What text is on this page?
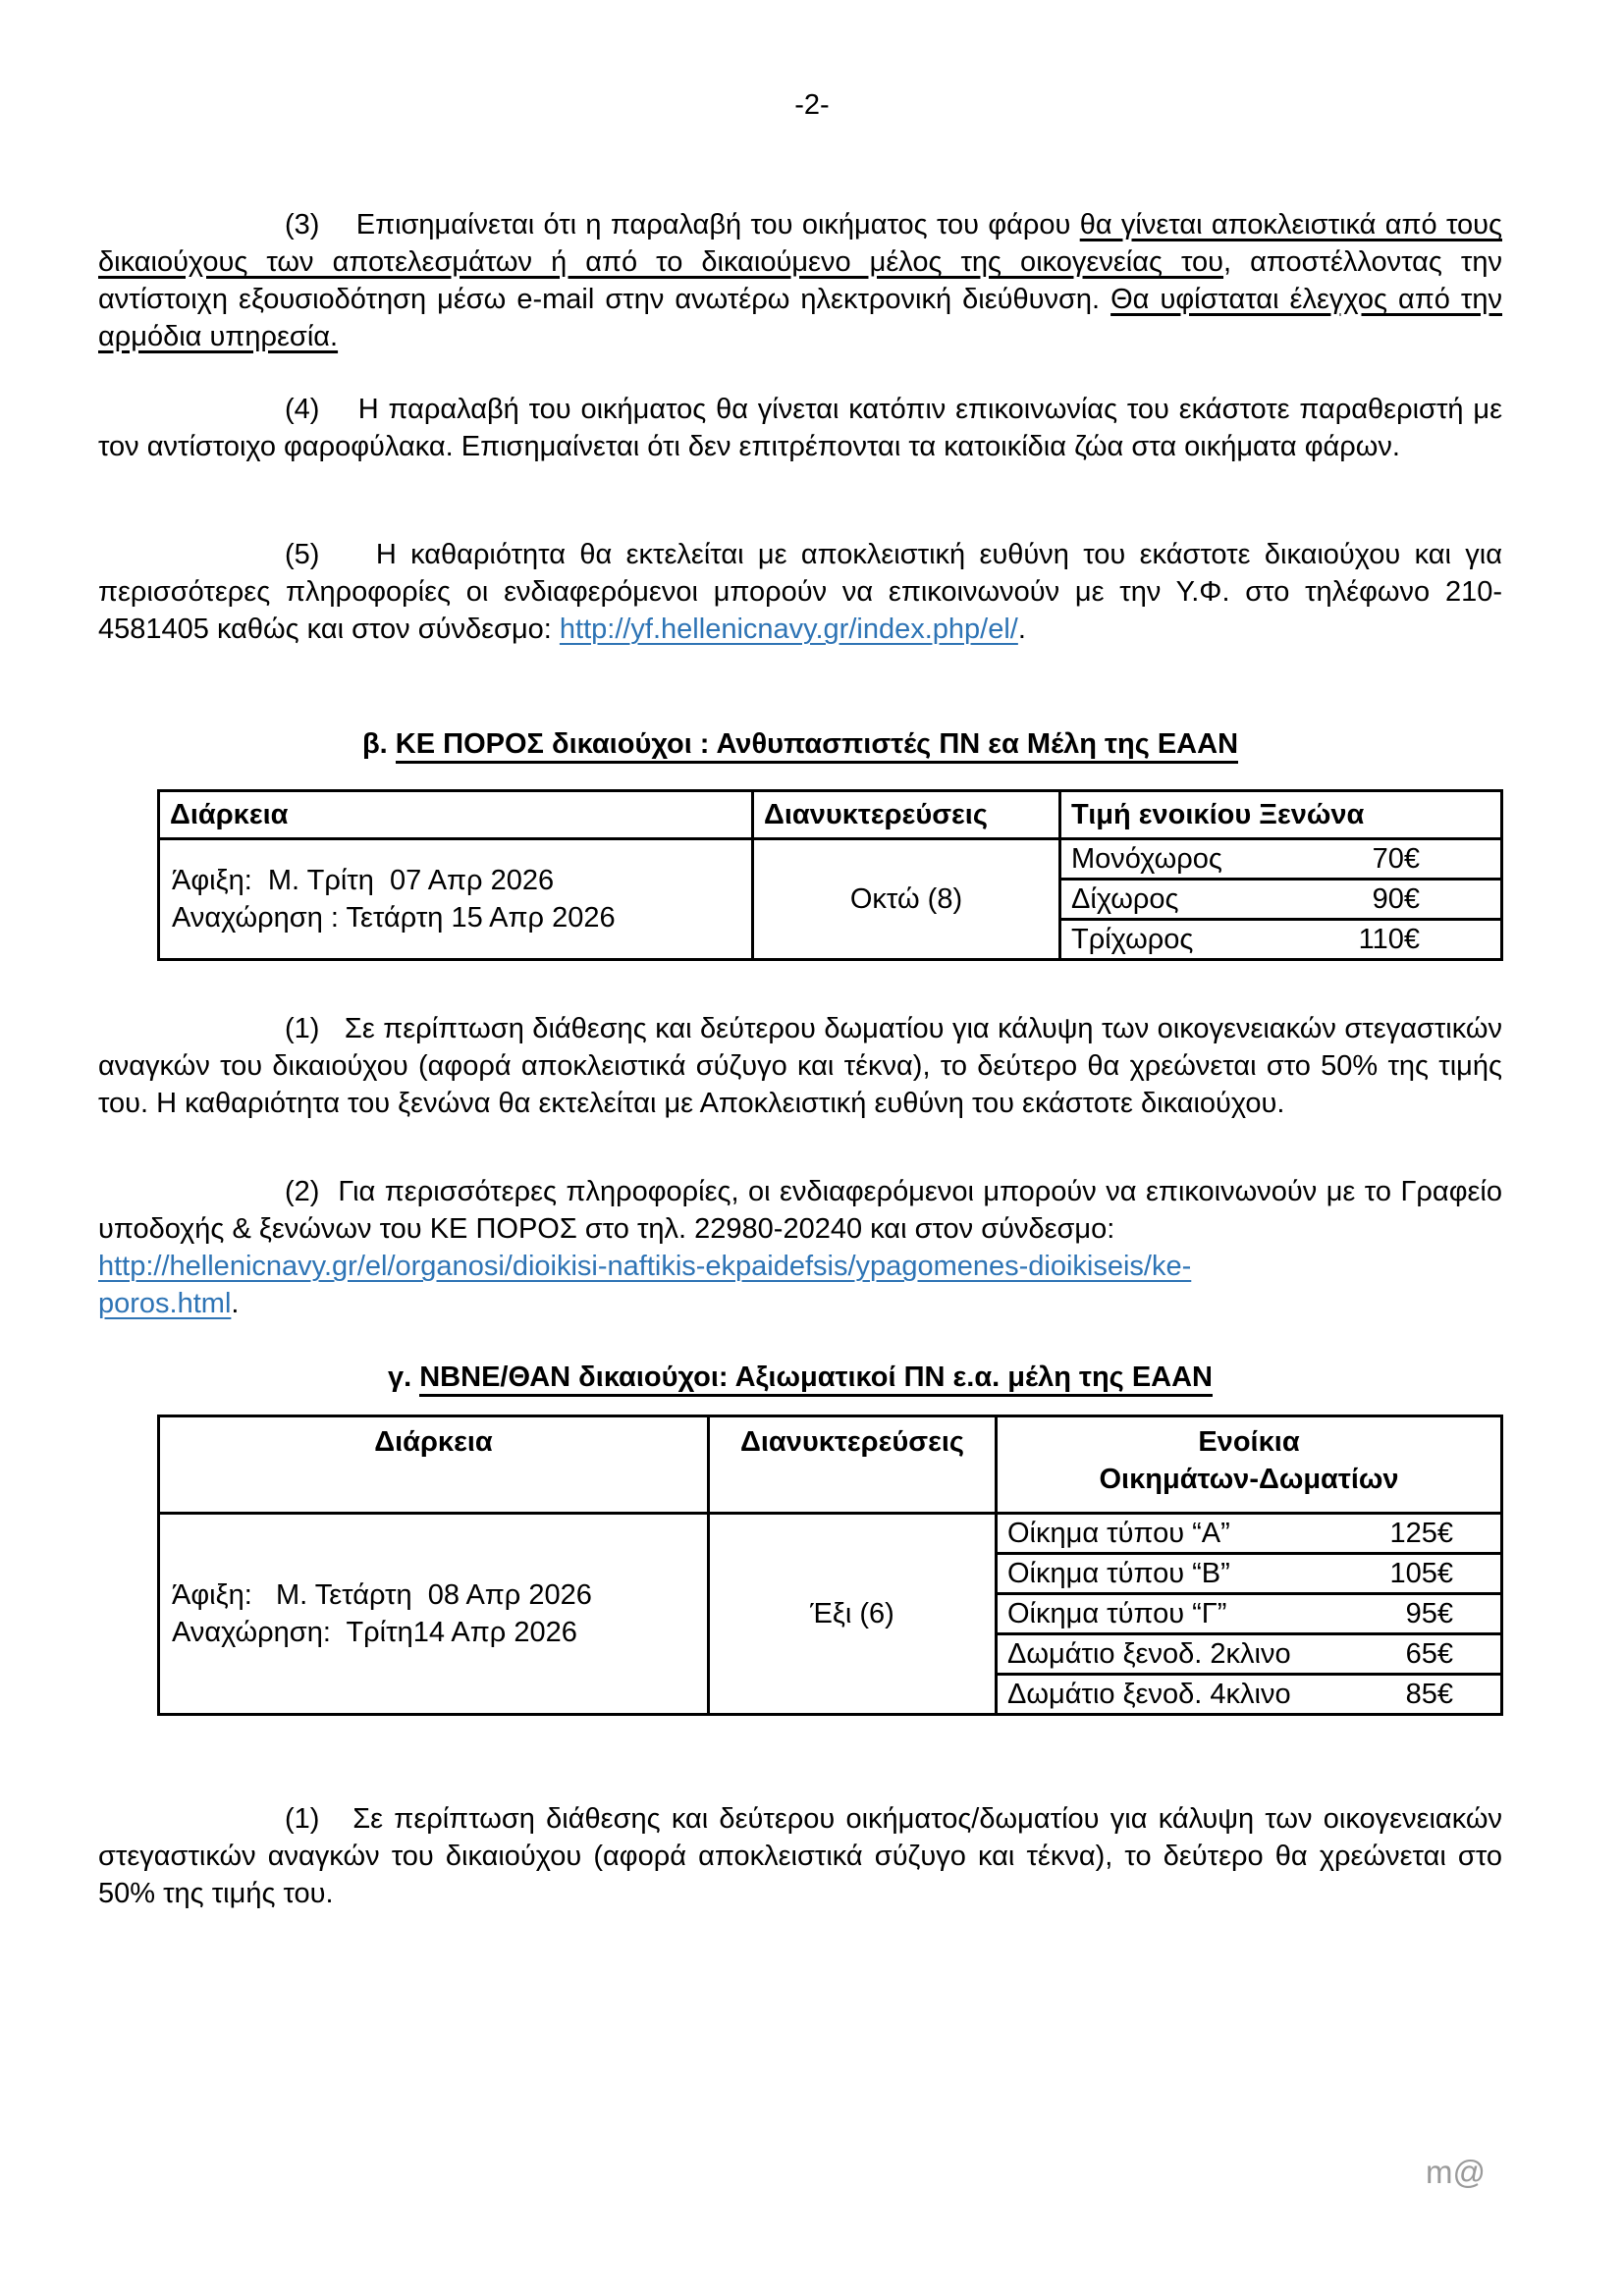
-2-

(3)    Επισημαίνεται ότι η παραλαβή του οικήματος του φάρου θα γίνεται αποκλειστικά από τους δικαιούχους των αποτελεσμάτων ή από το δικαιούμενο μέλος της οικογενείας του, αποστέλλοντας την αντίστοιχη εξουσιοδότηση μέσω e-mail στην ανωτέρω ηλεκτρονική διεύθυνση. Θα υφίσταται έλεγχος από την αρμόδια υπηρεσία.

(4)    Η παραλαβή του οικήματος θα γίνεται κατόπιν επικοινωνίας του εκάστοτε παραθεριστή με τον αντίστοιχο φαροφύλακα. Επισημαίνεται ότι δεν επιτρέπονται τα κατοικίδια ζώα στα οικήματα φάρων.

(5)    Η καθαριότητα θα εκτελείται με αποκλειστική ευθύνη του εκάστοτε δικαιούχου και για περισσότερες πληροφορίες οι ενδιαφερόμενοι μπορούν να επικοινωνούν με την Υ.Φ. στο τηλέφωνο 210-4581405 καθώς και στον σύνδεσμο: http://yf.hellenicnavy.gr/index.php/el/.

β. ΚΕ ΠΟΡΟΣ δικαιούχοι : Ανθυπασπιστές ΠΝ εα Μέλη της ΕΑΑΝ
Διάρκεια	Διανυκτερεύσεις	Τιμή ενοικίου Ξενώνα

Άφιξη:  Μ. Τρίτη  07 Απρ 2026
Αναχώρηση : Τετάρτη 15 Απρ 2026
	Οκτώ (8)	
Μονόχωρος	70€

		Δίχωρος 90€

		Τρίχωρος 110€

(1)   Σε περίπτωση διάθεσης και δεύτερου δωματίου για κάλυψη των οικογενειακών στεγαστικών αναγκών του δικαιούχου (αφορά αποκλειστικά σύζυγο και τέκνα), το δεύτερο θα χρεώνεται στο 50% της τιμής του. Η καθαριότητα του ξενώνα θα εκτελείται με Αποκλειστική ευθύνη του εκάστοτε δικαιούχου.

(2)  Για περισσότερες πληροφορίες, οι ενδιαφερόμενοι μπορούν να επικοινωνούν με το Γραφείο υποδοχής & ξενώνων του ΚΕ ΠΟΡΟΣ στο τηλ. 22980-20240 και στον σύνδεσμο:
http://hellenicnavy.gr/el/organosi/dioikisi-naftikis-ekpaidefsis/ypagomenes-dioikiseis/ke-
poros.html.

γ. ΝΒΝΕ/ΘΑΝ δικαιούχοι: Αξιωματικοί ΠΝ ε.α. μέλη της ΕΑΑΝ
Διάρκεια	Διανυκτερεύσεις	Ενοίκια
Οικημάτων-Δωματίων

Άφιξη:   Μ. Τετάρτη  08 Απρ 2026
Αναχώρηση:  Τρίτη14 Απρ 2026
	Έξι (6)	
Οίκημα τύπου “Α”	125€

		Οίκημα τύπου “Β” 105€

		Οίκημα τύπου “Γ” 95€

		Δωμάτιο ξενοδ. 2κλινο 65€

		Δωμάτιο ξενοδ. 4κλινο 85€

(1)   Σε περίπτωση διάθεσης και δεύτερου οικήματος/δωματίου για κάλυψη των οικογενειακών στεγαστικών αναγκών του δικαιούχου (αφορά αποκλειστικά σύζυγο και τέκνα), το δεύτερο θα χρεώνεται στο 50% της τιμής του.

m@
